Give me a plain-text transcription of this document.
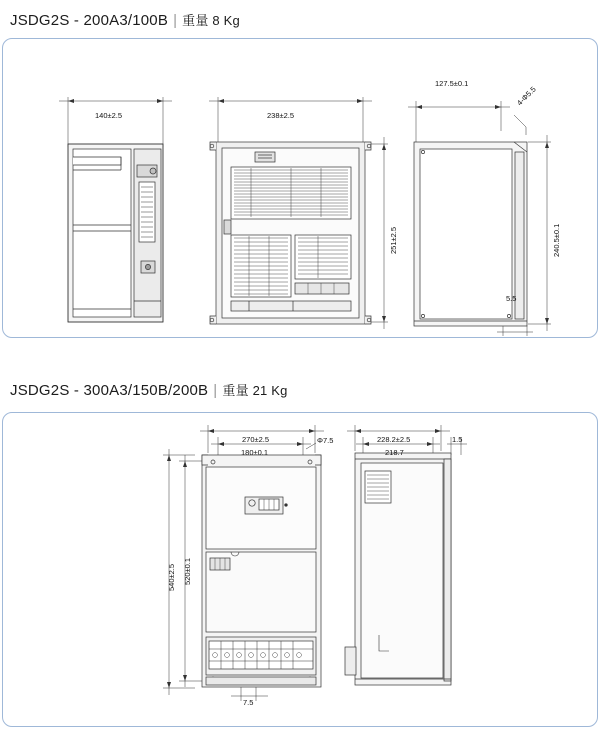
JSDG2S - 200A3/100B | 重量 8 Kg
140±2.5	238±2.5
251±2.5
127.5±0.1
4-Φ5.5
240.5±0.1
5.5
JSDG2S - 300A3/150B/200B | 重量 21 Kg
270±2.5
180±0.1
Φ7.5
540±2.5 520±0.1
7.5
228.2±2.5
218.7
1.5
